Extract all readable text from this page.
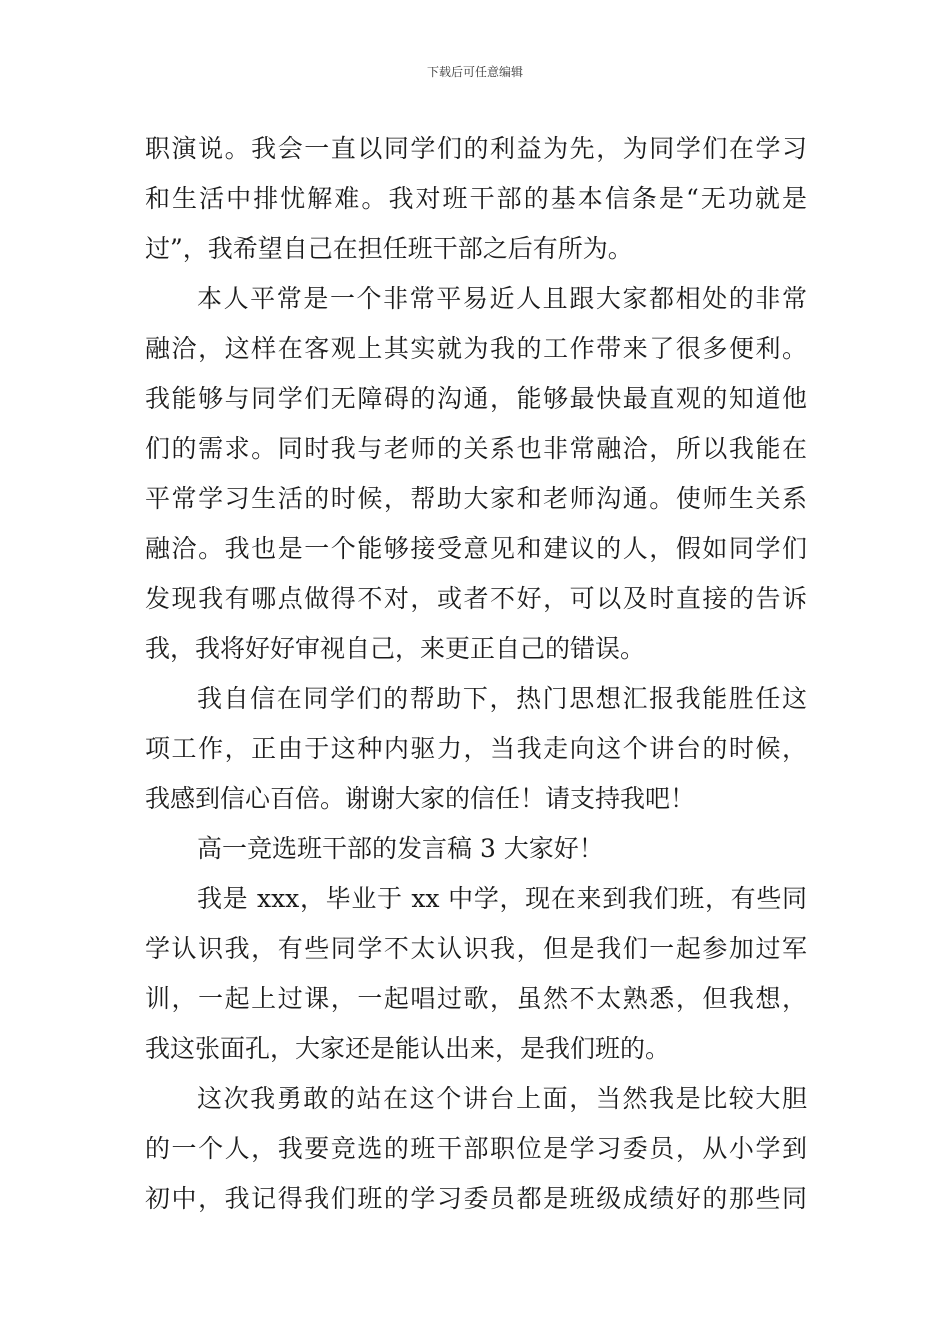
下载后可任意编辑
职演说。我会一直以同学们的利益为先，为同学们在学习
和生活中排忧解难。我对班干部的基本信条是“无功就是
过”，我希望自己在担任班干部之后有所为。
本人平常是一个非常平易近人且跟大家都相处的非常
融洽，这样在客观上其实就为我的工作带来了很多便利。
我能够与同学们无障碍的沟通，能够最快最直观的知道他
们的需求。同时我与老师的关系也非常融洽，所以我能在
平常学习生活的时候，帮助大家和老师沟通。使师生关系
融洽。我也是一个能够接受意见和建议的人，假如同学们
发现我有哪点做得不对，或者不好，可以及时直接的告诉
我，我将好好审视自己，来更正自己的错误。
我自信在同学们的帮助下，热门思想汇报我能胜任这
项工作，正由于这种内驱力，当我走向这个讲台的时候，
我感到信心百倍。谢谢大家的信任！请支持我吧！
高一竞选班干部的发言稿 3 大家好！
我是 xxx，毕业于 xx 中学，现在来到我们班，有些同
学认识我，有些同学不太认识我，但是我们一起参加过军
训，一起上过课，一起唱过歌，虽然不太熟悉，但我想，
我这张面孔，大家还是能认出来，是我们班的。
这次我勇敢的站在这个讲台上面，当然我是比较大胆
的一个人，我要竞选的班干部职位是学习委员，从小学到
初中，我记得我们班的学习委员都是班级成绩好的那些同
